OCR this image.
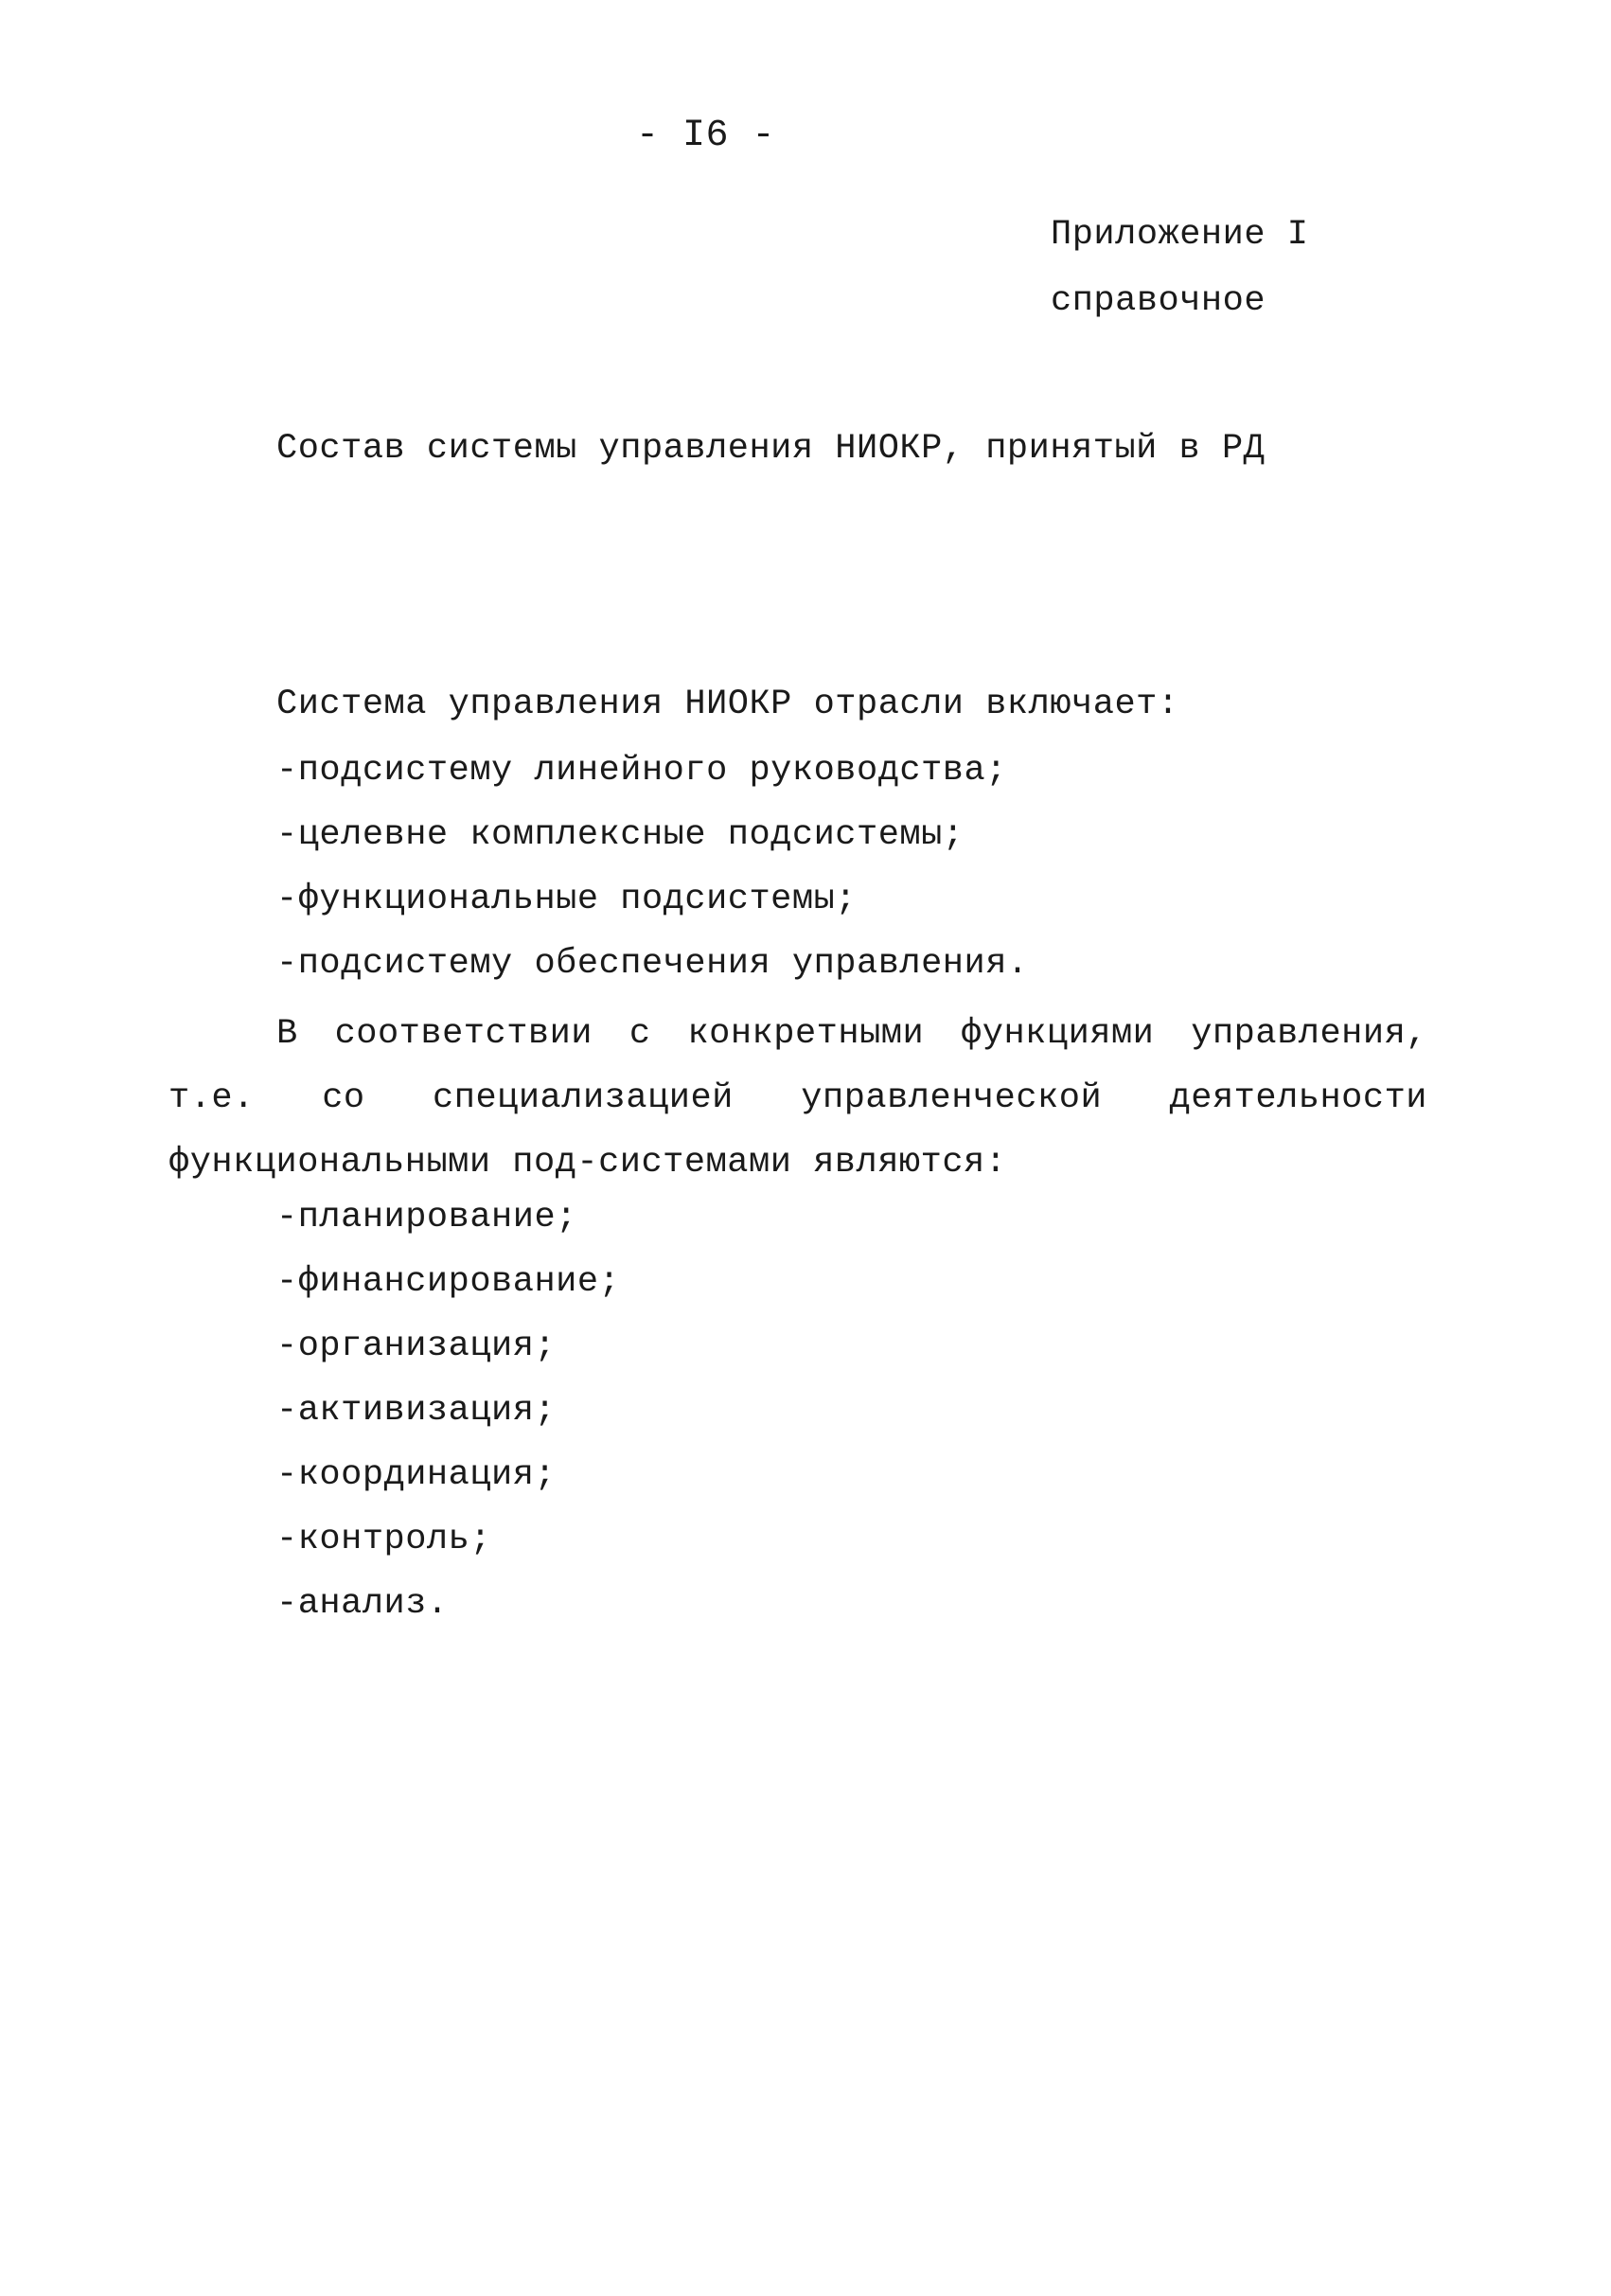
- I6 -
Приложение I
справочное
Состав системы управления НИОКР, принятый в РД
Система управления НИОКР отрасли включает:
-подсистему линейного руководства;
-целевне комплексные подсистемы;
-функциональные подсистемы;
-подсистему обеспечения управления.

В соответствии с конкретными функциями управления, т.е. со специализацией управленческой деятельности функциональными под-системами являются:

-планирование;
-финансирование;
-организация;
-активизация;
-координация;
-контроль;
-анализ.
